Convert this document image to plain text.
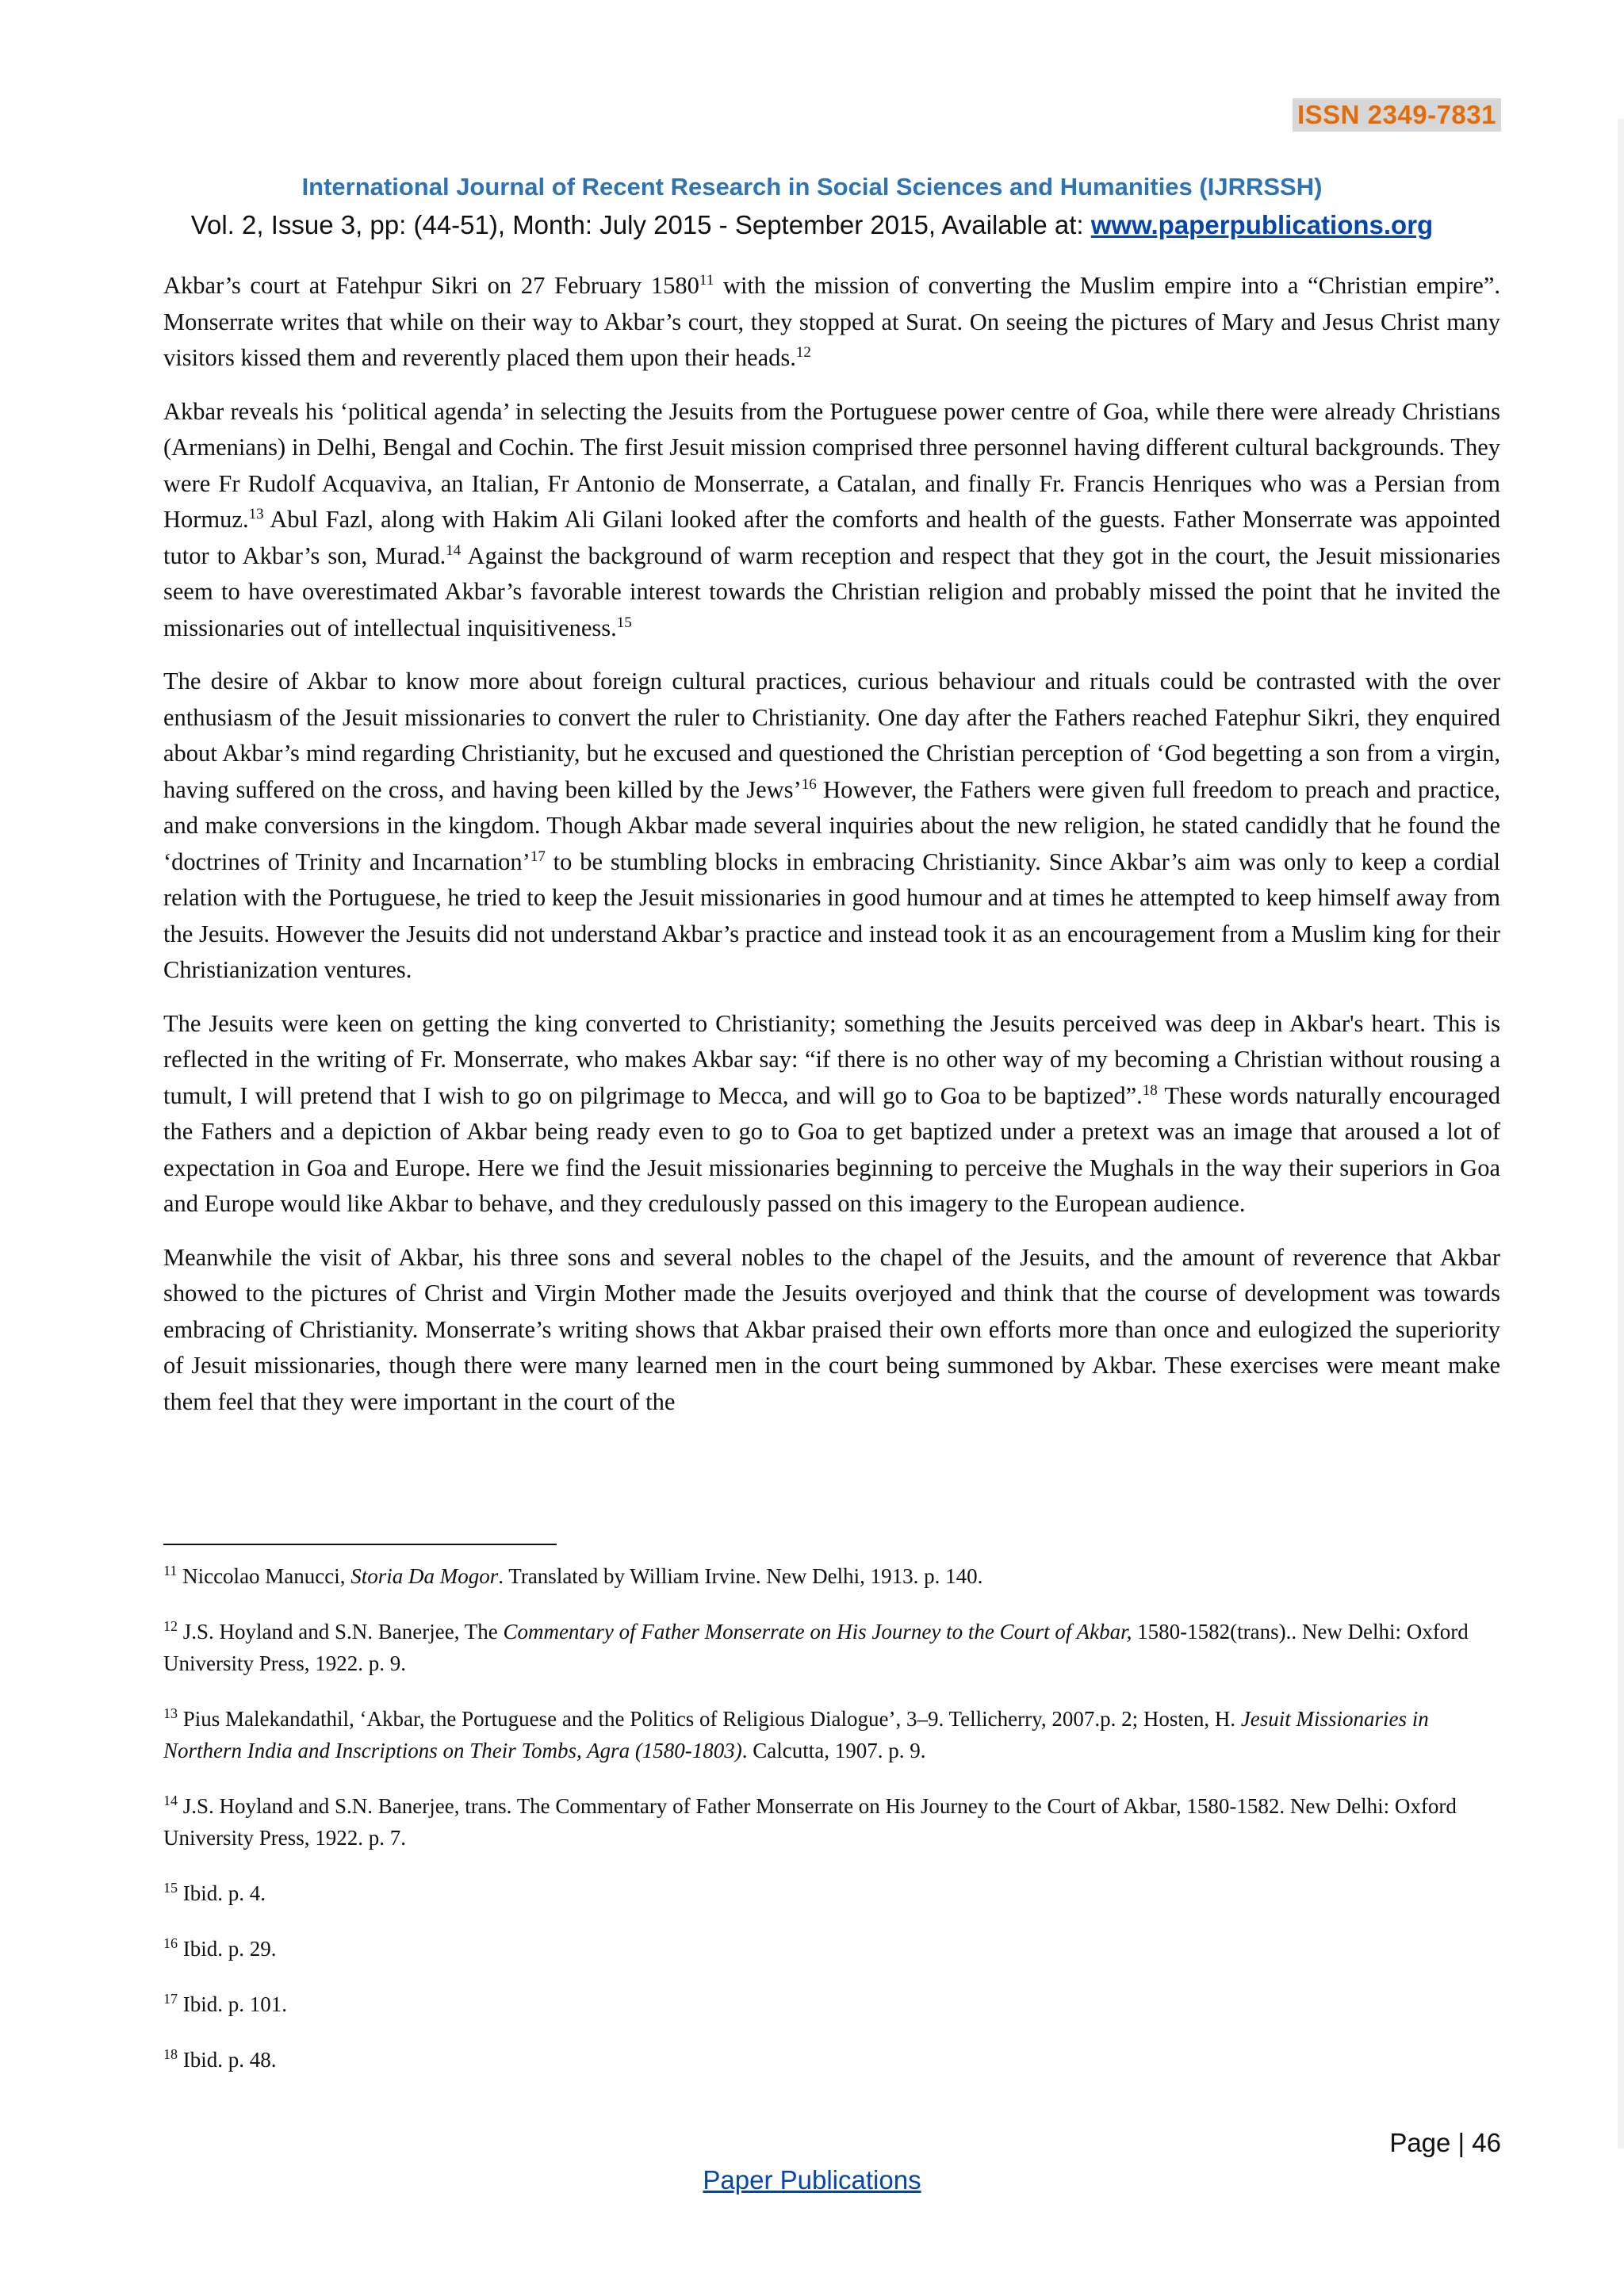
ISSN 2349-7831
International Journal of Recent Research in Social Sciences and Humanities (IJRRSSH)
Vol. 2, Issue 3, pp: (44-51), Month: July 2015 - September 2015, Available at: www.paperpublications.org

Akbar’s court at Fatehpur Sikri on 27 February 1580$^{11}$ with the mission of converting the Muslim empire into a “Christian empire”. Monserrate writes that while on their way to Akbar’s court, they stopped at Surat. On seeing the pictures of Mary and Jesus Christ many visitors kissed them and reverently placed them upon their heads.$^{12}$

Akbar reveals his ‘political agenda’ in selecting the Jesuits from the Portuguese power centre of Goa, while there were already Christians (Armenians) in Delhi, Bengal and Cochin. The first Jesuit mission comprised three personnel having different cultural backgrounds. They were Fr Rudolf Acquaviva, an Italian, Fr Antonio de Monserrate, a Catalan, and finally Fr. Francis Henriques who was a Persian from Hormuz.$^{13}$ Abul Fazl, along with Hakim Ali Gilani looked after the comforts and health of the guests. Father Monserrate was appointed tutor to Akbar’s son, Murad.$^{14}$ Against the background of warm reception and respect that they got in the court, the Jesuit missionaries seem to have overestimated Akbar’s favorable interest towards the Christian religion and probably missed the point that he invited the missionaries out of intellectual inquisitiveness.$^{15}$

The desire of Akbar to know more about foreign cultural practices, curious behaviour and rituals could be contrasted with the over enthusiasm of the Jesuit missionaries to convert the ruler to Christianity. One day after the Fathers reached Fatephur Sikri, they enquired about Akbar’s mind regarding Christianity, but he excused and questioned the Christian perception of ‘God begetting a son from a virgin, having suffered on the cross, and having been killed by the Jews’$^{16}$ However, the Fathers were given full freedom to preach and practice, and make conversions in the kingdom. Though Akbar made several inquiries about the new religion, he stated candidly that he found the ‘doctrines of Trinity and Incarnation’$^{17}$ to be stumbling blocks in embracing Christianity. Since Akbar’s aim was only to keep a cordial relation with the Portuguese, he tried to keep the Jesuit missionaries in good humour and at times he attempted to keep himself away from the Jesuits. However the Jesuits did not understand Akbar’s practice and instead took it as an encouragement from a Muslim king for their Christianization ventures.

The Jesuits were keen on getting the king converted to Christianity; something the Jesuits perceived was deep in Akbar's heart. This is reflected in the writing of Fr. Monserrate, who makes Akbar say: “if there is no other way of my becoming a Christian without rousing a tumult, I will pretend that I wish to go on pilgrimage to Mecca, and will go to Goa to be baptized”.$^{18}$ These words naturally encouraged the Fathers and a depiction of Akbar being ready even to go to Goa to get baptized under a pretext was an image that aroused a lot of expectation in Goa and Europe. Here we find the Jesuit missionaries beginning to perceive the Mughals in the way their superiors in Goa and Europe would like Akbar to behave, and they credulously passed on this imagery to the European audience.

Meanwhile the visit of Akbar, his three sons and several nobles to the chapel of the Jesuits, and the amount of reverence that Akbar showed to the pictures of Christ and Virgin Mother made the Jesuits overjoyed and think that the course of development was towards embracing of Christianity. Monserrate’s writing shows that Akbar praised their own efforts more than once and eulogized the superiority of Jesuit missionaries, though there were many learned men in the court being summoned by Akbar. These exercises were meant make them feel that they were important in the court of the

$^{11}$ Niccolao Manucci, Storia Da Mogor. Translated by William Irvine. New Delhi, 1913. p. 140.
$^{12}$ J.S. Hoyland and S.N. Banerjee, The Commentary of Father Monserrate on His Journey to the Court of Akbar, 1580-1582(trans).. New Delhi: Oxford University Press, 1922. p. 9.
$^{13}$ Pius Malekandathil, ‘Akbar, the Portuguese and the Politics of Religious Dialogue’, 3–9. Tellicherry, 2007.p. 2; Hosten, H. Jesuit Missionaries in Northern India and Inscriptions on Their Tombs, Agra (1580-1803). Calcutta, 1907. p. 9.
$^{14}$ J.S. Hoyland and S.N. Banerjee, trans. The Commentary of Father Monserrate on His Journey to the Court of Akbar, 1580-1582. New Delhi: Oxford University Press, 1922. p. 7.
$^{15}$ Ibid. p. 4.
$^{16}$ Ibid. p. 29.
$^{17}$ Ibid. p. 101.
$^{18}$ Ibid. p. 48.
Page | 46
Paper Publications
